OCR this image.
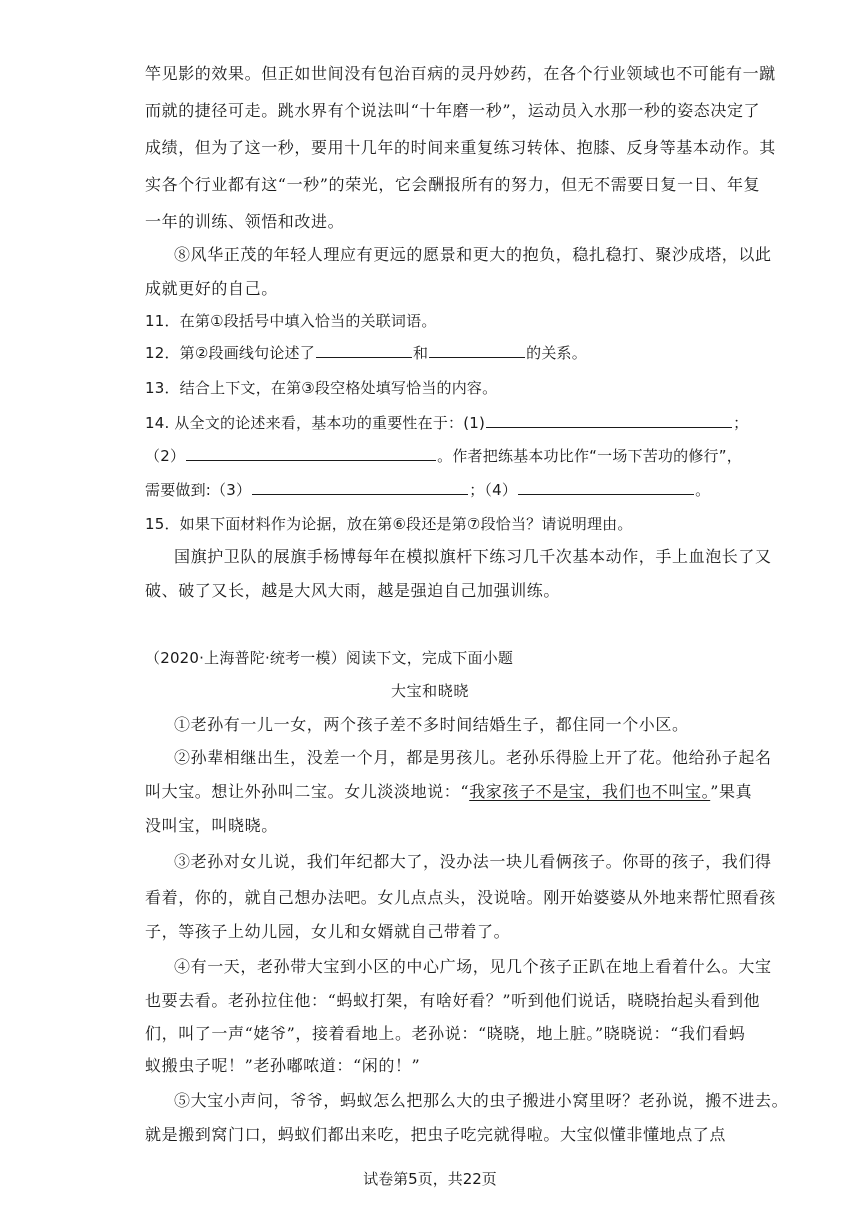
竿见影的效果。但正如世间没有包治百病的灵丹妙药，在各个行业领域也不可能有一蹴
而就的捷径可走。跳水界有个说法叫“十年磨一秒”，运动员入水那一秒的姿态决定了
成绩，但为了这一秒，要用十几年的时间来重复练习转体、抱膝、反身等基本动作。其
实各个行业都有这“一秒”的荣光，它会酬报所有的努力，但无不需要日复一日、年复
一年的训练、领悟和改进。
⑧风华正茂的年轻人理应有更远的愿景和更大的抱负，稳扎稳打、聚沙成塔，以此
成就更好的自己。
11．在第①段括号中填入恰当的关联词语。
12．第②段画线句论述了	和	的关系。
13．结合上下文，在第③段空格处填写恰当的内容。
14. 从全文的论述来看，基本功的重要性在于：(1)	；
（2）	。作者把练基本功比作“一场下苦功的修行”，
需要做到:（3）	；（4）	。
15．如果下面材料作为论据，放在第⑥段还是第⑦段恰当？请说明理由。
国旗护卫队的展旗手杨博每年在模拟旗杆下练习几千次基本动作，手上血泡长了又
破、破了又长，越是大风大雨，越是强迫自己加强训练。
（2020·上海普陀·统考一模）阅读下文，完成下面小题
大宝和晓晓
①老孙有一儿一女，两个孩子差不多时间结婚生子，都住同一个小区。
②孙辈相继出生，没差一个月，都是男孩儿。老孙乐得脸上开了花。他给孙子起名
叫大宝。想让外孙叫二宝。女儿淡淡地说：“我家孩子不是宝，我们也不叫宝。”果真
没叫宝，叫晓晓。
③老孙对女儿说，我们年纪都大了，没办法一块儿看俩孩子。你哥的孩子，我们得
看着，你的，就自己想办法吧。女儿点点头，没说啥。刚开始婆婆从外地来帮忙照看孩
子，等孩子上幼儿园，女儿和女婿就自己带着了。
④有一天，老孙带大宝到小区的中心广场，见几个孩子正趴在地上看着什么。大宝
也要去看。老孙拉住他：“蚂蚁打架，有啥好看？”听到他们说话，晓晓抬起头看到他
们，叫了一声“姥爷”，接着看地上。老孙说：“晓晓，地上脏。”晓晓说：“我们看蚂
蚁搬虫子呢！”老孙嘟哝道：“闲的！”
⑤大宝小声问，爷爷，蚂蚁怎么把那么大的虫子搬进小窝里呀？老孙说，搬不进去。
就是搬到窝门口，蚂蚁们都出来吃，把虫子吃完就得啦。大宝似懂非懂地点了点
试卷第5页，共22页
